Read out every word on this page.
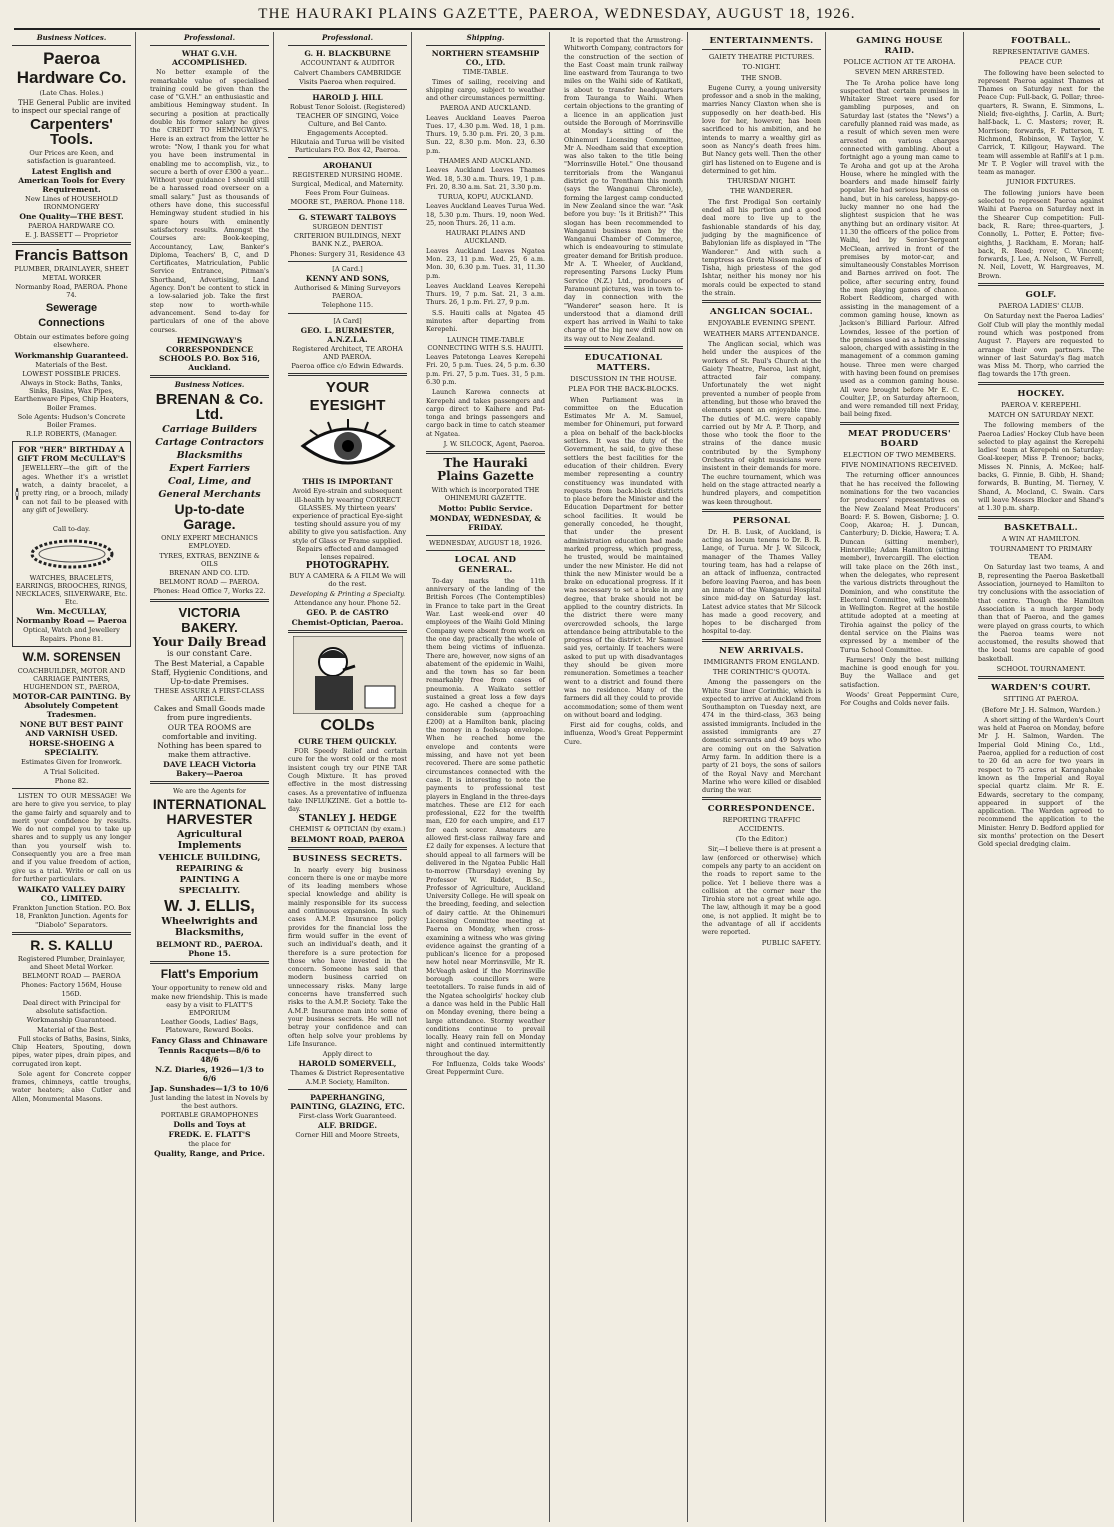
THE HAURAKI PLAINS GAZETTE, PAEROA, WEDNESDAY, AUGUST 18, 1926.
Business Notices.
Paeroa Hardware Co.
(Late Chas. Holes.)
THE General Public are invited to inspect our special range of
Carpenters' Tools.
Our Prices are Keen, and satisfaction is guaranteed.
Latest English and American Tools for Every Requirement.
New Lines of HOUSEHOLD IRONMONGERY
One Quality—THE BEST.
PAEROA HARDWARE CO.
E. J. BASSETT — Proprietor
Francis Battson
PLUMBER, DRAINLAYER, SHEET METAL WORKER
Normanby Road, PAEROA. Phone 74.
Sewerage Connections
Obtain our estimates before going elsewhere.
Workmanship Guaranteed.
Materials of the Best.
LOWEST POSSIBLE PRICES.
Always in Stock: Baths, Tanks, Sinks, Basins, Wax Pipes, Earthenware Pipes, Chip Heaters, Boiler Frames.
Sole Agents: Hudson's Concrete Boiler Frames.
R.I.P. ROBERTS, (Manager.
FOR "HER" BIRTHDAY A GIFT FROM McCULLAY'S
JEWELLERY—the gift of the ages. Whether it's a wristlet watch, a dainty bracelet, a pretty ring, or a brooch, milady can not fail to be pleased with any gift of Jewellery.
Call to-day.
WATCHES, BRACELETS, EARRINGS, BROOCHES, RINGS, NECKLACES, SILVERWARE, Etc. Etc.
Wm. McCULLAY, Normanby Road — Paeroa
Optical, Watch and Jewellery Repairs. Phone 81.
W.M. SORENSEN
COACHBUILDER, MOTOR AND CARRIAGE PAINTERS, HUGHENDON ST., PAEROA,
MOTOR-CAR PAINTING. By Absolutely Competent Tradesmen.
NONE BUT BEST PAINT AND VARNISH USED.
HORSE-SHOEING A SPECIALITY.
Estimates Given for Ironwork.
A Trial Solicited.
Phone 82.
LISTEN TO OUR MESSAGE! We are here to give you service, to play the game fairly and squarely and to merit your confidence by results. We do not compel you to take up shares and to supply us any longer than you yourself wish to. Consequently you are a free man and if you value freedom of action, give us a trial. Write or call on us for further particulars.
WAIKATO VALLEY DAIRY CO., LIMITED.
Frankton Junction Station. P.O. Box 18, Frankton Junction. Agents for "Diabolo" Separators.
R. S. KALLU
Registered Plumber, Drainlayer, and Sheet Metal Worker.
BELMONT ROAD — PAEROA
Phones: Factory 156M, House 156D.
Deal direct with Principal for absolute satisfaction.
Workmanship Guaranteed.
Material of the Best.
Full stocks of Baths, Basins, Sinks, Chip Heaters, Spouting, down pipes, water pipes, drain pipes, and corrugated iron kept.
Sole agent for Concrete copper frames, chimneys, cattle troughs, water heaters; also Cutler and Allen, Monumental Masons.
Professional.
WHAT G.V.H. ACCOMPLISHED.
No better example of the remarkable value of specialised training could be given than the case of "G.V.H." an enthusiastic and ambitious Hemingway student. In securing a position at practically double his former salary he gives the CREDIT TO HEMINGWAY'S. Here is an extract from the letter he wrote: "Now, I thank you for what you have been instrumental in enabling me to accomplish, viz., to secure a berth of over £300 a year... Without your guidance I should still be a harassed road overseer on a small salary." Just as thousands of others have done, this successful Hemingway student studied in his spare hours with eminently satisfactory results. Amongst the Courses are: Book-keeping, Accountancy, Law, Banker's Diploma, Teachers' B, C, and D Certificates, Matriculation, Public Service Entrance, Pitman's Shorthand, Advertising, Land Agency. Don't be content to stick in a low-salaried job. Take the first step now to worth-while advancement. Send to-day for particulars of one of the above courses.
HEMINGWAY'S CORRESPONDENCE SCHOOLS P.O. Box 516, Auckland.
Business Notices.
BRENAN & Co. Ltd.
Carriage Builders
Cartage Contractors
Blacksmiths
Expert Farriers
Coal, Lime, and
General Merchants
Up-to-date Garage.
ONLY EXPERT MECHANICS EMPLOYED.
TYRES, EXTRAS, BENZINE & OILS
BRENAN AND CO. LTD.
BELMONT ROAD — PAEROA.
Phones: Head Office 7, Works 22.
VICTORIA BAKERY.
Your Daily Bread
is our constant Care.
The Best Material, a Capable Staff, Hygienic Conditions, and Up-to-date Premises.
THESE ASSURE A FIRST-CLASS ARTICLE.
Cakes and Small Goods made from pure ingredients.
OUR TEA ROOMS are comfortable and inviting. Nothing has been spared to make them attractive.
DAVE LEACH Victoria Bakery—Paeroa
We are the Agents for
INTERNATIONAL HARVESTER
Agricultural Implements
VEHICLE BUILDING, REPAIRING & PAINTING A SPECIALITY.
W. J. ELLIS,
Wheelwrights and Blacksmiths,
BELMONT RD., PAEROA. Phone 15.
Flatt's Emporium
Your opportunity to renew old and make new friendship. This is made easy by a visit to FLATT'S EMPORIUM
Leather Goods, Ladies' Bags, Plateware, Reward Books.
Fancy Glass and Chinaware
Tennis Racquets—8/6 to 48/6
N.Z. Diaries, 1926—1/3 to 6/6
Jap. Sunshades—1/3 to 10/6
Just landing the latest in Novels by the best authors.
PORTABLE GRAMOPHONES
Dolls and Toys at
FREDK. E. FLATT'S
the place for
Quality, Range, and Price.
Professional.
G. H. BLACKBURNE
ACCOUNTANT & AUDITOR
Calvert Chambers CAMBRIDGE
Visits Paeroa when required.
HAROLD J. HILL
Robust Tenor Soloist. (Registered)
TEACHER OF SINGING, Voice Culture, and Bel Canto. Engagements Accepted.
Hikutaia and Turua will be visited Particulars P.O. Box 42, Paeroa.
AROHANUI
REGISTERED NURSING HOME.
Surgical, Medical, and Maternity. Fees From Four Guineas.
MOORE ST., PAEROA. Phone 118.
G. STEWART TALBOYS
SURGEON DENTIST
CRITERION BUILDINGS, NEXT BANK N.Z., PAEROA.
Phones: Surgery 31, Residence 43
[A Card.]
KENNY AND SONS,
Authorised & Mining Surveyors PAEROA.
Telephone 115.
[A Card]
GEO. L. BURMESTER, A.N.Z.I.A.
Registered Architect, TE AROHA AND PAEROA.
Paeroa office c/o Edwin Edwards.
YOUR EYESIGHT
THIS IS IMPORTANT
Avoid Eye-strain and subsequent ill-health by wearing CORRECT GLASSES. My thirteen years' experience of practical Eye-sight testing should assure you of my ability to give you satisfaction. Any style of Glass or Frame supplied. Repairs effected and damaged lenses repaired.
PHOTOGRAPHY.
BUY A CAMERA & A FILM We will do the rest.
Developing & Printing a Specialty.
Attendance any hour. Phone 52.
GEO. P. de CASTRO
Chemist-Optician, Paeroa.
COLDs
CURE THEM QUICKLY.
FOR Speedy Relief and certain cure for the worst cold or the most insistent cough try our PINE TAR Cough Mixture. It has proved effective in the most distressing cases. As a preventative of influenza take INFLUKZINE. Get a bottle to-day.
STANLEY J. HEDGE
CHEMIST & OPTICIAN (by exam.)
BELMONT ROAD, PAEROA
BUSINESS SECRETS.
In nearly every big business concern there is one or maybe more of its leading members whose special knowledge and ability is mainly responsible for its success and continuous expansion. In such cases A.M.P. Insurance policy provides for the financial loss the firm would suffer in the event of such an individual's death, and it therefore is a sure protection for those who have invested in the concern. Someone has said that modern business carried on unnecessary risks. Many large concerns have transferred such risks to the A.M.P. Society. Take the A.M.P. Insurance man into some of your business secrets. He will not betray your confidence and can often help solve your problems by Life Insurance.
Apply direct to
HAROLD SOMERVELL,
Thames & District Representative A.M.P. Society, Hamilton.
PAPERHANGING, PAINTING, GLAZING, ETC.
First-class Work Guaranteed.
ALF. BRIDGE.
Corner Hill and Moore Streets,
Shipping.
NORTHERN STEAMSHIP CO., LTD.
TIME-TABLE.
Times of sailing, receiving and shipping cargo, subject to weather and other circumstances permitting.
PAEROA AND AUCKLAND.
Leaves Auckland Leaves Paeroa Tues. 17, 4.30 p.m. Wed. 18, 1 p.m. Thurs. 19, 5.30 p.m. Fri. 20, 3 p.m. Sun. 22, 8.30 p.m. Mon. 23, 6.30 p.m.
THAMES AND AUCKLAND.
Leaves Auckland Leaves Thames Wed. 18, 5.30 a.m. Thurs. 19, 1 p.m. Fri. 20, 8.30 a.m. Sat. 21, 3.30 p.m.
TURUA, KOPU, AUCKLAND.
Leaves Auckland Leaves Turua Wed. 18, 5.30 p.m. Thurs. 19, noon Wed. 25, noon Thurs. 26, 11 a.m.
HAURAKI PLAINS AND AUCKLAND.
Leaves Auckland Leaves Ngatea Mon. 23, 11 p.m. Wed. 25, 6 a.m. Mon. 30, 6.30 p.m. Tues. 31, 11.30 p.m.
Leaves Auckland Leaves Kerepehi Thurs. 19, 7 p.m. Sat. 21, 3 a.m. Thurs. 26, 1 p.m. Fri. 27, 9 p.m.
S.S. Hauiti calls at Ngatea 45 minutes after departing from Kerepehi.
LAUNCH TIME-TABLE CONNECTING WITH S.S. HAUITI.
Leaves Patetonga Leaves Kerepehi Fri. 20, 5 p.m. Tues. 24, 5 p.m. 6.30 p.m. Fri. 27, 5 p.m. Tues. 31, 5 p.m. 6.30 p.m.
Launch Karewa connects at Kerepehi and takes passengers and cargo direct to Kaihere and Pat-tonga and brings passengers and cargo back in time to catch steamer at Ngatea.
J. W. SILCOCK, Agent, Paeroa.
The Hauraki Plains Gazette
With which is incorporated THE OHINEMURI GAZETTE.
Motto: Public Service.
MONDAY, WEDNESDAY, & FRIDAY.
WEDNESDAY, AUGUST 18, 1926.
LOCAL AND GENERAL.
To-day marks the 11th anniversary of the landing of the British Forces (The Contemptibles) in France to take part in the Great War. Last week-end over 40 employees of the Waihi Gold Mining Company were absent from work on the one day, practically the whole of them being victims of influenza. There are, however, now signs of an abatement of the epidemic in Waihi, and the town has so far been remarkably free from cases of pneumonia. A Waikato settler sustained a great loss a few days ago. He cashed a cheque for a considerable sum (approaching £200) at a Hamilton bank, placing the money in a foolscap envelope. When he reached home the envelope and contents were missing, and have not yet been recovered. There are some pathetic circumstances connected with the case. It is interesting to note the payments to professional test players in England in the three-days matches. These are £12 for each professional, £22 for the twelfth man, £20 for each umpire, and £17 for each scorer. Amateurs are allowed first-class railway fare and £2 daily for expenses. A lecture that should appeal to all farmers will be delivered in the Ngatea Public Hall to-morrow (Thursday) evening by Professor W. Riddet, B.Sc., Professor of Agriculture, Auckland University College. He will speak on the breeding, feeding, and selection of dairy cattle. At the Ohinemuri Licensing Committee meeting at Paeroa on Monday, when cross-examining a witness who was giving evidence against the granting of a publican's licence for a proposed new hotel near Morrinsville, Mr R. McVeagh asked if the Morrinsville borough councillors were teetotallers. To raise funds in aid of the Ngatea schoolgirls' hockey club a dance was held in the Public Hall on Monday evening, there being a large attendance. Stormy weather conditions continue to prevail locally. Heavy rain fell on Monday night and continued intermittently throughout the day.
For Influenza, Colds take Woods' Great Peppermint Cure.
It is reported that the Armstrong-Whitworth Company, contractors for the construction of the section of the East Coast main trunk railway line eastward from Tauranga to two miles on the Waihi side of Katikati, is about to transfer headquarters from Tauranga to Waihi. When certain objections to the granting of a licence in an application just outside the Borough of Morrinsville at Monday's sitting of the Ohinemuri Licensing Committee, Mr A. Needham said that exception was also taken to the title being "Morrinsville Hotel." One thousand territorials from the Wanganui district go to Trentham this month (says the Wanganui Chronicle), forming the largest camp conducted in New Zealand since the war. "Ask before you buy: 'Is it British?'" This slogan has been recommended to Wanganui business men by the Wanganui Chamber of Commerce, which is endeavouring to stimulate greater demand for British produce. Mr A. T. Wheeler, of Auckland, representing Parsons Lucky Plum Service (N.Z.) Ltd., producers of Paramount pictures, was in town to-day in connection with the "Wanderer" season here. It is understood that a diamond drill expert has arrived in Waihi to take charge of the big new drill now on its way out to New Zealand.
EDUCATIONAL MATTERS.
DISCUSSION IN THE HOUSE.
PLEA FOR THE BACK-BLOCKS.
When Parliament was in committee on the Education Estimates Mr A. M. Samuel, member for Ohinemuri, put forward a plea on behalf of the back-blocks settlers. It was the duty of the Government, he said, to give these settlers the best facilities for the education of their children. Every member representing a country constituency was inundated with requests from back-block districts to place before the Minister and the Education Department for better school facilities. It would be generally conceded, he thought, that under the present administration education had made marked progress, which progress, he trusted, would be maintained under the new Minister. He did not think the new Minister would be a brake on educational progress. If it was necessary to set a brake in any degree, that brake should not be applied to the country districts. In the district there were many overcrowded schools, the large attendance being attributable to the progress of the district. Mr Samuel said yes, certainly. If teachers were asked to put up with disadvantages they should be given more remuneration. Sometimes a teacher went to a district and found there was no residence. Many of the farmers did all they could to provide accommodation; some of them went on without board and lodging.
First aid for coughs, colds, and influenza, Wood's Great Peppermint Cure.
ENTERTAINMENTS.
GAIETY THEATRE PICTURES.
TO-NIGHT.
THE SNOB.
Eugene Curry, a young university professor and a snob in the making, marries Nancy Claxton when she is supposedly on her death-bed. His love for her, however, has been sacrificed to his ambition, and he intends to marry a wealthy girl as soon as Nancy's death frees him. But Nancy gets well. Then the other girl has listened on to Eugene and is determined to get him.
THURSDAY NIGHT.
THE WANDERER.
The first Prodigal Son certainly ended all his portion and a good deal more to live up to the fashionable standards of his day, judging by the magnificence of Babylonian life as displayed in "The Wanderer." And with such a temptress as Greta Nissen makes of Tisha, high priestess of the god Ishtar, neither his money nor his morals could be expected to stand the strain.
ANGLICAN SOCIAL.
ENJOYABLE EVENING SPENT.
WEATHER MARS ATTENDANCE.
The Anglican social, which was held under the auspices of the workers of St. Paul's Church at the Gaiety Theatre, Paeroa, last night, attracted fair company. Unfortunately the wet night prevented a number of people from attending, but those who braved the elements spent an enjoyable time. The duties of M.C. were capably carried out by Mr A. P. Thorp, and those who took the floor to the strains of the dance music contributed by the Symphony Orchestra of eight musicians were insistent in their demands for more. The euchre tournament, which was held on the stage attracted nearly a hundred players, and competition was keen throughout.
PERSONAL
Dr. H. B. Lusk, of Auckland, is acting as locum tenens to Dr. B. R. Lange, of Turua. Mr J. W. Silcock, manager of the Thames Valley touring team, has had a relapse of an attack of influenza, contracted before leaving Paeroa, and has been an inmate of the Wanganui Hospital since mid-day on Saturday last. Latest advice states that Mr Silcock has made a good recovery, and hopes to be discharged from hospital to-day.
NEW ARRIVALS.
IMMIGRANTS FROM ENGLAND.
THE CORINTHIC'S QUOTA.
Among the passengers on the White Star liner Corinthic, which is expected to arrive at Auckland from Southampton on Tuesday next, are 474 in the third-class, 363 being assisted immigrants. Included in the assisted immigrants are 27 domestic servants and 49 boys who are coming out on the Salvation Army farm. In addition there is a party of 21 boys, the sons of sailors of the Royal Navy and Merchant Marine who were killed or disabled during the war.
CORRESPONDENCE.
REPORTING TRAFFIC ACCIDENTS.
(To the Editor.)
Sir,—I believe there is at present a law (enforced or otherwise) which compels any party to an accident on the roads to report same to the police. Yet I believe there was a collision at the corner near the Tirohia store not a great while ago. The law, although it may be a good one, is not applied. It might be to the advantage of all if accidents were reported.
PUBLIC SAFETY.
GAMING HOUSE RAID.
POLICE ACTION AT TE AROHA.
SEVEN MEN ARRESTED.
The Te Aroha police have long suspected that certain premises in Whitaker Street were used for gambling purposes, and on Saturday last (states the "News") a carefully planned raid was made, as a result of which seven men were arrested on various charges connected with gambling. About a fortnight ago a young man came to Te Aroha and got up at the Aroha House, where he mingled with the boarders and made himself fairly popular. He had serious business on hand, but in his careless, happy-go-lucky manner no one had the slightest suspicion that he was anything but an ordinary visitor. At 11.30 the officers of the police from Waihi, led by Senior-Sergeant McClean, arrived in front of the premises by motor-car, and simultaneously Constables Morrison and Barnes arrived on foot. The police, after securing entry, found the men playing games of chance. Robert Reddicom, charged with assisting in the management of a common gaming house, known as Jackson's Billiard Parlour. Alfred Lowndes, lessee of the portion of the premises used as a hairdressing saloon, charged with assisting in the management of a common gaming house. Three men were charged with having been found on premises used as a common gaming house. All were brought before Mr E. C. Coulter, J.P., on Saturday afternoon, and were remanded till next Friday, bail being fixed.
MEAT PRODUCERS' BOARD
ELECTION OF TWO MEMBERS.
FIVE NOMINATIONS RECEIVED.
The returning officer announces that he has received the following nominations for the two vacancies for producers' representatives on the New Zealand Meat Producers' Board: F. S. Bowen, Gisborne; J. O. Coop, Akaroa; H. J. Duncan, Canterbury; D. Dickie, Hawera; T. A. Duncan (sitting member), Hinterville; Adam Hamilton (sitting member), Invercargill. The election will take place on the 26th inst., when the delegates, who represent the various districts throughout the Dominion, and who constitute the Electoral Committee, will assemble in Wellington. Regret at the hostile attitude adopted at a meeting at Tirohia against the policy of the dental service on the Plains was expressed by a member of the Turua School Committee.
Farmers! Only the best milking machine is good enough for you. Buy the Wallace and get satisfaction.
Woods' Great Peppermint Cure, For Coughs and Colds never fails.
FOOTBALL.
REPRESENTATIVE GAMES.
PEACE CUP.
The following have been selected to represent Paeroa against Thames at Thames on Saturday next for the Peace Cup: Full-back, G. Pollar; three-quarters, R. Swann, E. Simmons, L. Nield; five-eighths, J. Carlin, A. Burt; half-back, L. C. Masters; rover, R. Morrison; forwards, F. Patterson, T. Richmond, Robinson, W. Taylor, V. Carrick, T. Killgour, Hayward. The team will assemble at Rafill's at 1 p.m. Mr T. P. Vogler will travel with the team as manager.
JUNIOR FIXTURES.
The following juniors have been selected to represent Paeroa against Waihi at Paeroa on Saturday next in the Shearer Cup competition: Full-back, R. Rare; three-quarters, J. Connolly, L. Potter, E. Potter; five-eighths, J. Rackham, E. Moran; half-back, R. Read; rover, C. Vincent; forwards, J. Lee, A. Nelson, W. Ferrell, N. Neil, Lovett, W. Hargreaves, M. Brown.
GOLF.
PAEROA LADIES' CLUB.
On Saturday next the Paeroa Ladies' Golf Club will play the monthly medal round which was postponed from August 7. Players are requested to arrange their own partners. The winner of last Saturday's flag match was Miss M. Thorp, who carried the flag towards the 17th green.
HOCKEY.
PAEROA V. KEREPEHI.
MATCH ON SATURDAY NEXT.
The following members of the Paeroa Ladies' Hockey Club have been selected to play against the Kerepehi ladies' team at Kerepehi on Saturday: Goal-keeper, Miss P. Trenoor; backs, Misses N. Pinnis, A. McKee; half-backs, G. Finnie, B. Gibb, H. Shand; forwards, B. Bunting, M. Tierney, V. Shand, A. Mocland, C. Swain. Cars will leave Messrs Blocker and Shand's at 1.30 p.m. sharp.
BASKETBALL.
A WIN AT HAMILTON.
TOURNAMENT TO PRIMARY TEAM.
On Saturday last two teams, A and B, representing the Paeroa Basketball Association, journeyed to Hamilton to try conclusions with the association of that centre. Though the Hamilton Association is a much larger body than that of Paeroa, and the games were played on grass courts, to which the Paeroa teams were not accustomed, the results showed that the local teams are capable of good basketball.
SCHOOL TOURNAMENT.
WARDEN'S COURT.
SITTING AT PAEROA.
(Before Mr J. H. Salmon, Warden.)
A short sitting of the Warden's Court was held at Paeroa on Monday, before Mr J. H. Salmon, Warden. The Imperial Gold Mining Co., Ltd., Paeroa, applied for a reduction of cost to 20 6d an acre for two years in respect to 75 acres at Karangahake known as the Imperial and Royal special quartz claim. Mr R. E. Edwards, secretary to the company, appeared in support of the application. The Warden agreed to recommend the application to the Minister. Henry D. Bedford applied for six months' protection on the Desert Gold special dredging claim.
